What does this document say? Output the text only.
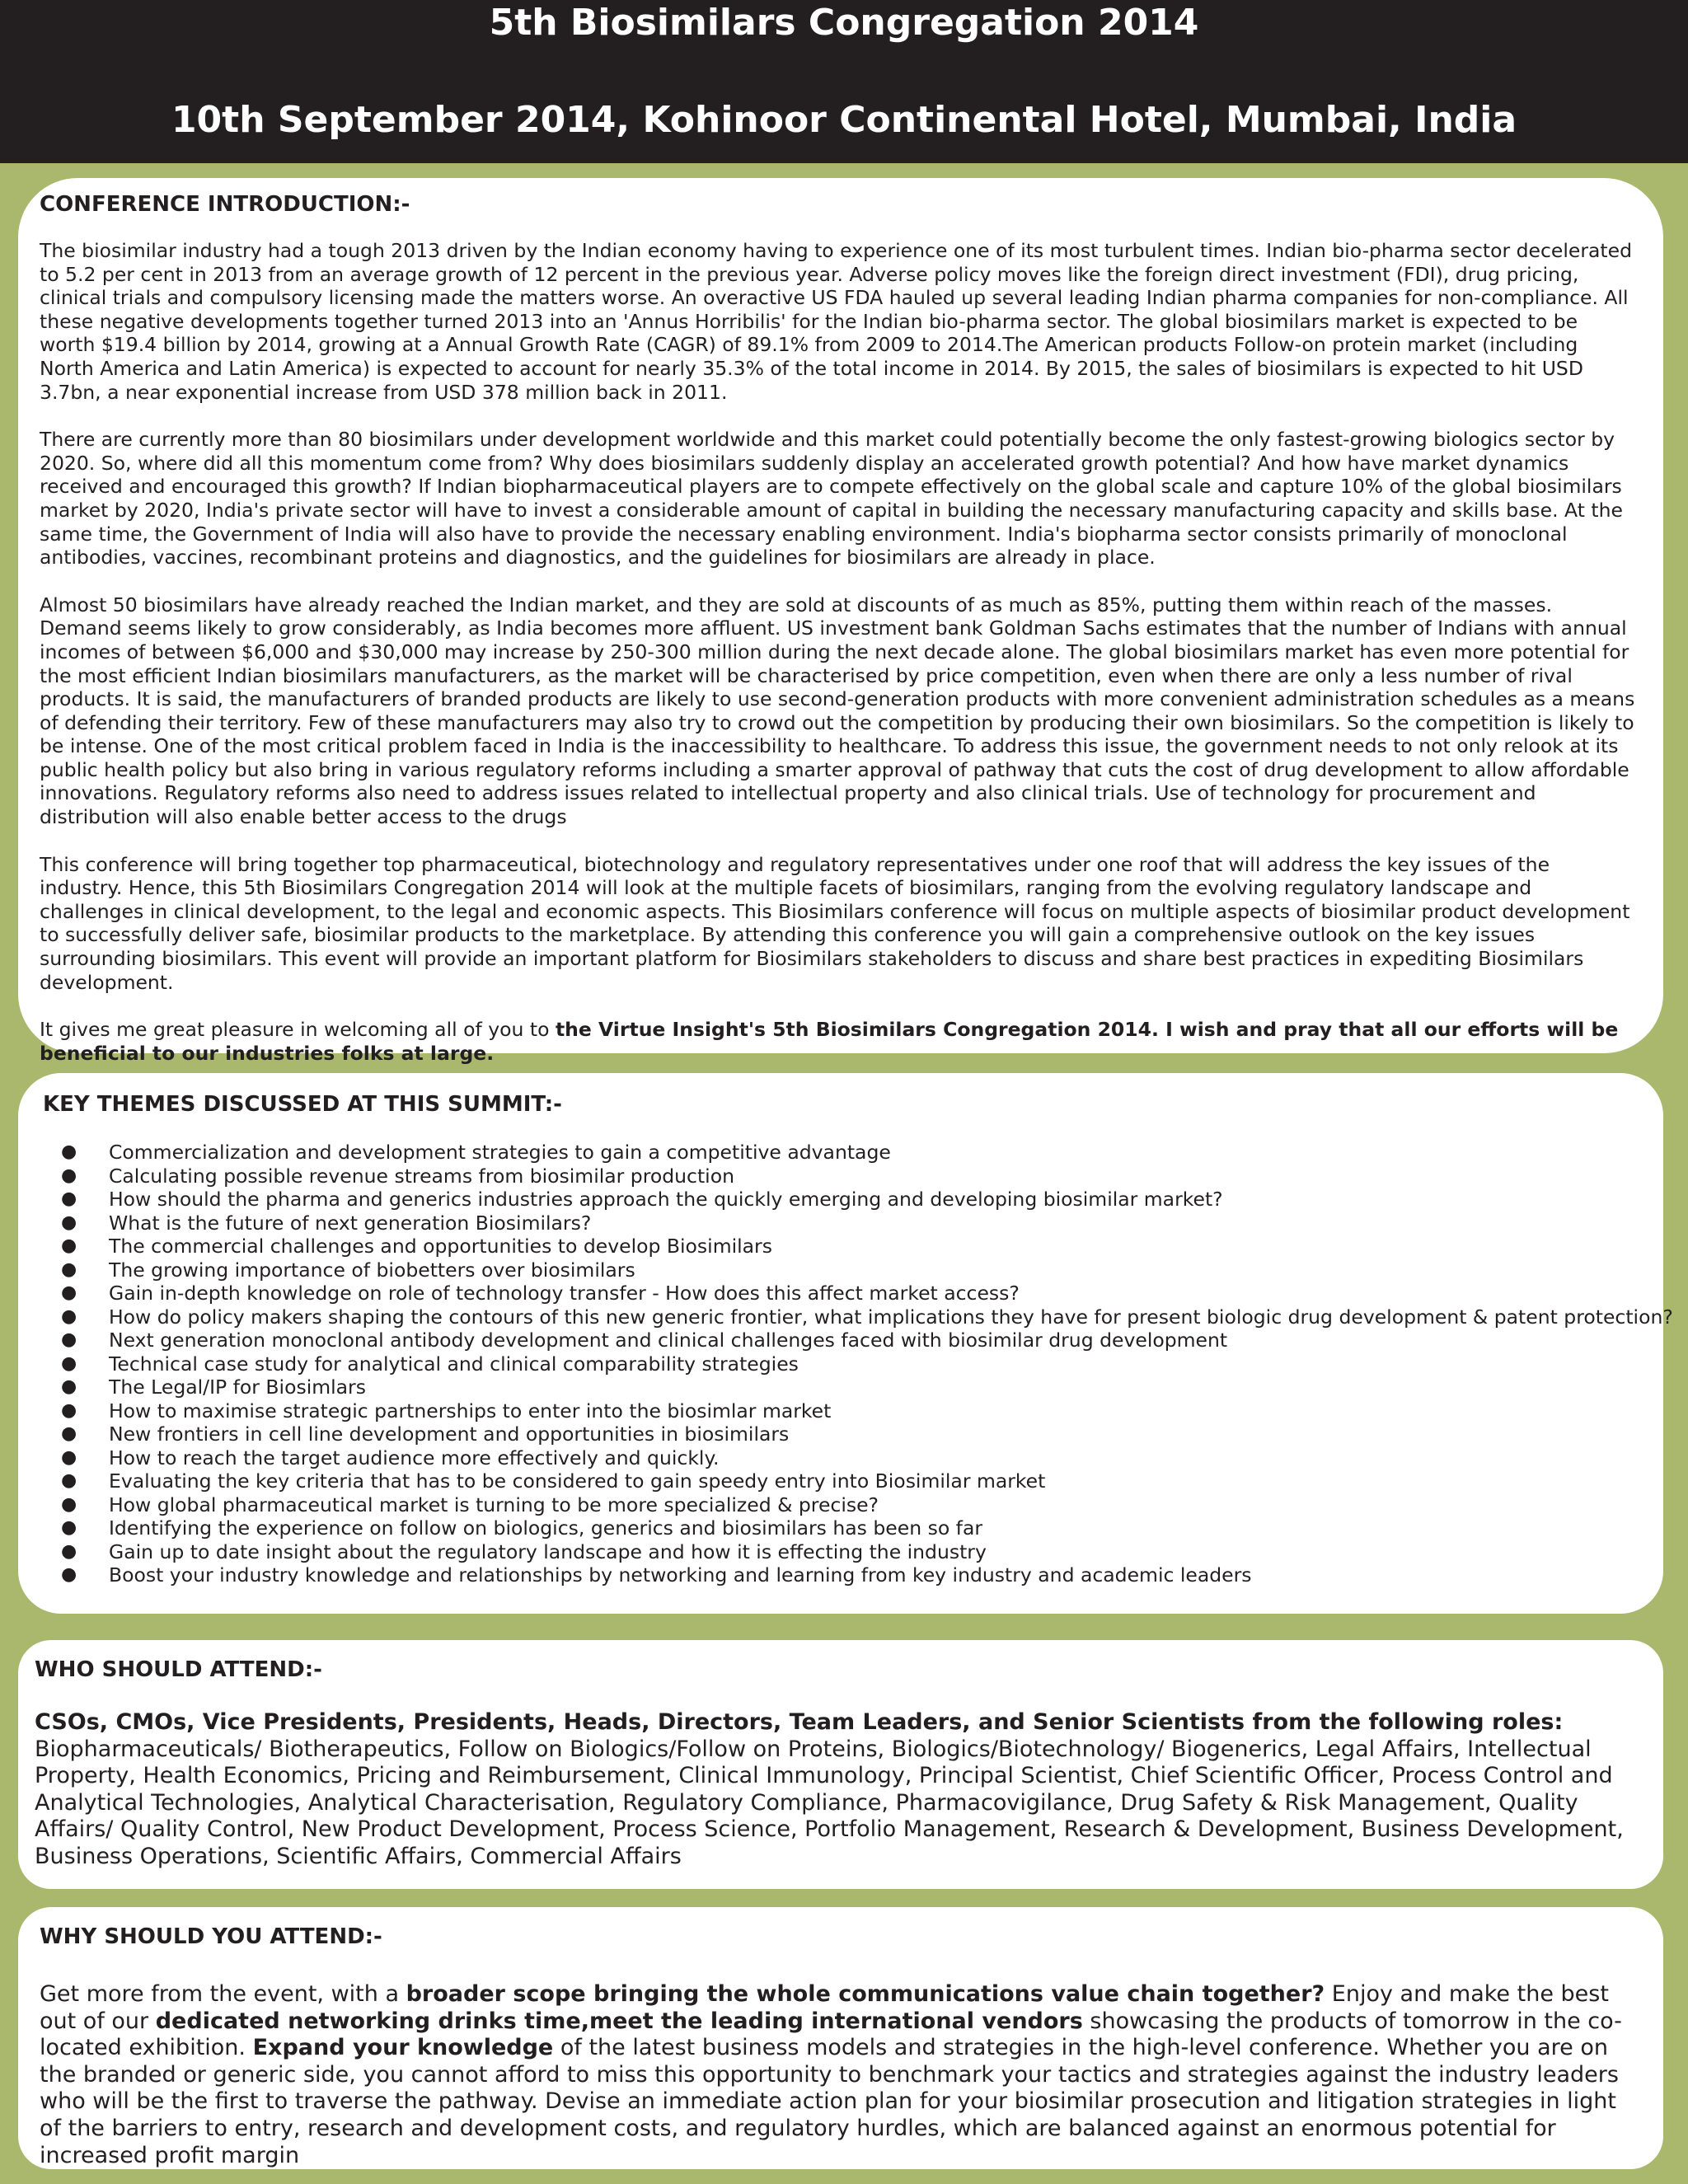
5th Biosimilars Congregation 2014
10th September 2014, Kohinoor Continental Hotel, Mumbai, India
CONFERENCE INTRODUCTION:-

The biosimilar industry had a tough 2013 driven by the Indian economy having to experience one of its most turbulent times. Indian bio-pharma sector decelerated to 5.2 per cent in 2013 from an average growth of 12 percent in the previous year. Adverse policy moves like the foreign direct investment (FDI), drug pricing, clinical trials and compulsory licensing made the matters worse. An overactive US FDA hauled up several leading Indian pharma companies for non-compliance. All these negative developments together turned 2013 into an 'Annus Horribilis' for the Indian bio-pharma sector. The global biosimilars market is expected to be worth $19.4 billion by 2014, growing at a Annual Growth Rate (CAGR) of 89.1% from 2009 to 2014.The American products Follow-on protein market (including North America and Latin America) is expected to account for nearly 35.3% of the total income in 2014. By 2015, the sales of biosimilars is expected to hit USD 3.7bn, a near exponential increase from USD 378 million back in 2011.

There are currently more than 80 biosimilars under development worldwide and this market could potentially become the only fastest-growing biologics sector by 2020. So, where did all this momentum come from? Why does biosimilars suddenly display an accelerated growth potential? And how have market dynamics received and encouraged this growth? If Indian biopharmaceutical players are to compete effectively on the global scale and capture 10% of the global biosimilars market by 2020, India's private sector will have to invest a considerable amount of capital in building the necessary manufacturing capacity and skills base. At the same time, the Government of India will also have to provide the necessary enabling environment. India's biopharma sector consists primarily of monoclonal antibodies, vaccines, recombinant proteins and diagnostics, and the guidelines for biosimilars are already in place.

Almost 50 biosimilars have already reached the Indian market, and they are sold at discounts of as much as 85%, putting them within reach of the masses. Demand seems likely to grow considerably, as India becomes more affluent. US investment bank Goldman Sachs estimates that the number of Indians with annual incomes of between $6,000 and $30,000 may increase by 250-300 million during the next decade alone. The global biosimilars market has even more potential for the most efficient Indian biosimilars manufacturers, as the market will be characterised by price competition, even when there are only a less number of rival products. It is said, the manufacturers of branded products are likely to use second-generation products with more convenient administration schedules as a means of defending their territory. Few of these manufacturers may also try to crowd out the competition by producing their own biosimilars. So the competition is likely to be intense. One of the most critical problem faced in India is the inaccessibility to healthcare. To address this issue, the government needs to not only relook at its public health policy but also bring in various regulatory reforms including a smarter approval of pathway that cuts the cost of drug development to allow affordable innovations. Regulatory reforms also need to address issues related to intellectual property and also clinical trials. Use of technology for procurement and distribution will also enable better access to the drugs

This conference will bring together top pharmaceutical, biotechnology and regulatory representatives under one roof that will address the key issues of the industry. Hence, this 5th Biosimilars Congregation 2014 will look at the multiple facets of biosimilars, ranging from the evolving regulatory landscape and challenges in clinical development, to the legal and economic aspects. This Biosimilars conference will focus on multiple aspects of biosimilar product development to successfully deliver safe, biosimilar products to the marketplace. By attending this conference you will gain a comprehensive outlook on the key issues surrounding biosimilars. This event will provide an important platform for Biosimilars stakeholders to discuss and share best practices in expediting Biosimilars development.

It gives me great pleasure in welcoming all of you to the Virtue Insight's 5th Biosimilars Congregation 2014. I wish and pray that all our efforts will be beneficial to our industries folks at large.

KEY THEMES DISCUSSED AT THIS SUMMIT:-
● Commercialization and development strategies to gain a competitive advantage
● Calculating possible revenue streams from biosimilar production
● How should the pharma and generics industries approach the quickly emerging and developing biosimilar market?
● What is the future of next generation Biosimilars?
● The commercial challenges and opportunities to develop Biosimilars
● The growing importance of biobetters over biosimilars
● Gain in-depth knowledge on role of technology transfer - How does this affect market access?
● How do policy makers shaping the contours of this new generic frontier, what implications they have for present biologic drug development & patent protection?
● Next generation monoclonal antibody development and clinical challenges faced with biosimilar drug development
● Technical case study for analytical and clinical comparability strategies
● The Legal/IP for Biosimlars
● How to maximise strategic partnerships to enter into the biosimlar market
● New frontiers in cell line development and opportunities in biosimilars
● How to reach the target audience more effectively and quickly.
● Evaluating the key criteria that has to be considered to gain speedy entry into Biosimilar market
● How global pharmaceutical market is turning to be more specialized & precise?
● Identifying the experience on follow on biologics, generics and biosimilars has been so far
● Gain up to date insight about the regulatory landscape and how it is effecting the industry
● Boost your industry knowledge and relationships by networking and learning from key industry and academic leaders
WHO SHOULD ATTEND:-

CSOs, CMOs, Vice Presidents, Presidents, Heads, Directors, Team Leaders, and Senior Scientists from the following roles:
Biopharmaceuticals/ Biotherapeutics, Follow on Biologics/Follow on Proteins, Biologics/Biotechnology/ Biogenerics, Legal Affairs, Intellectual Property, Health Economics, Pricing and Reimbursement, Clinical Immunology, Principal Scientist, Chief Scientific Officer, Process Control and Analytical Technologies, Analytical Characterisation, Regulatory Compliance, Pharmacovigilance, Drug Safety & Risk Management, Quality Affairs/ Quality Control, New Product Development, Process Science, Portfolio Management, Research & Development, Business Development, Business Operations, Scientific Affairs, Commercial Affairs

WHY SHOULD YOU ATTEND:-

Get more from the event, with a broader scope bringing the whole communications value chain together? Enjoy and make the best out of our dedicated networking drinks time,meet the leading international vendors showcasing the products of tomorrow in the co-located exhibition. Expand your knowledge of the latest business models and strategies in the high-level conference. Whether you are on the branded or generic side, you cannot afford to miss this opportunity to benchmark your tactics and strategies against the industry leaders who will be the first to traverse the pathway. Devise an immediate action plan for your biosimilar prosecution and litigation strategies in light of the barriers to entry, research and development costs, and regulatory hurdles, which are balanced against an enormous potential for increased profit margin
